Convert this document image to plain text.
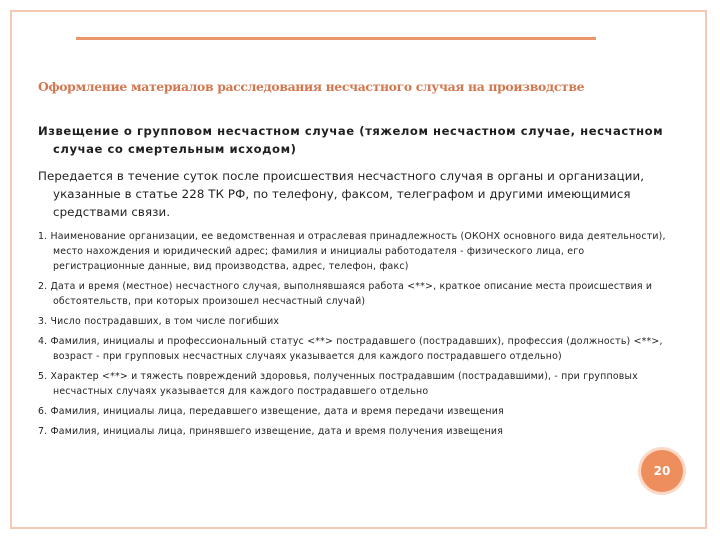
Оформление материалов расследования несчастного случая на производстве

Извещение о групповом несчастном случае (тяжелом несчастном случае, несчастном случае со смертельным исходом)

Передается в течение суток после происшествия несчастного случая в органы и организации, указанные в статье 228 ТК РФ, по телефону, факсом, телеграфом и другими имеющимися средствами связи.

1. Наименование организации, ее ведомственная и отраслевая принадлежность (ОКОНХ основного вида деятельности), место нахождения и юридический адрес; фамилия и инициалы работодателя - физического лица, его регистрационные данные, вид производства, адрес, телефон, факс)

2. Дата и время (местное) несчастного случая, выполнявшаяся работа <**>, краткое описание места происшествия и обстоятельств, при которых произошел несчастный случай)

3. Число пострадавших, в том числе погибших

4. Фамилия, инициалы и профессиональный статус <**> пострадавшего (пострадавших), профессия (должность) <**>, возраст - при групповых несчастных случаях указывается для каждого пострадавшего отдельно)

5. Характер <**> и тяжесть повреждений здоровья, полученных пострадавшим (пострадавшими), - при групповых несчастных случаях указывается для каждого пострадавшего отдельно

6. Фамилия, инициалы лица, передавшего извещение, дата и время передачи извещения

7. Фамилия, инициалы лица, принявшего извещение, дата и время получения извещения

20
